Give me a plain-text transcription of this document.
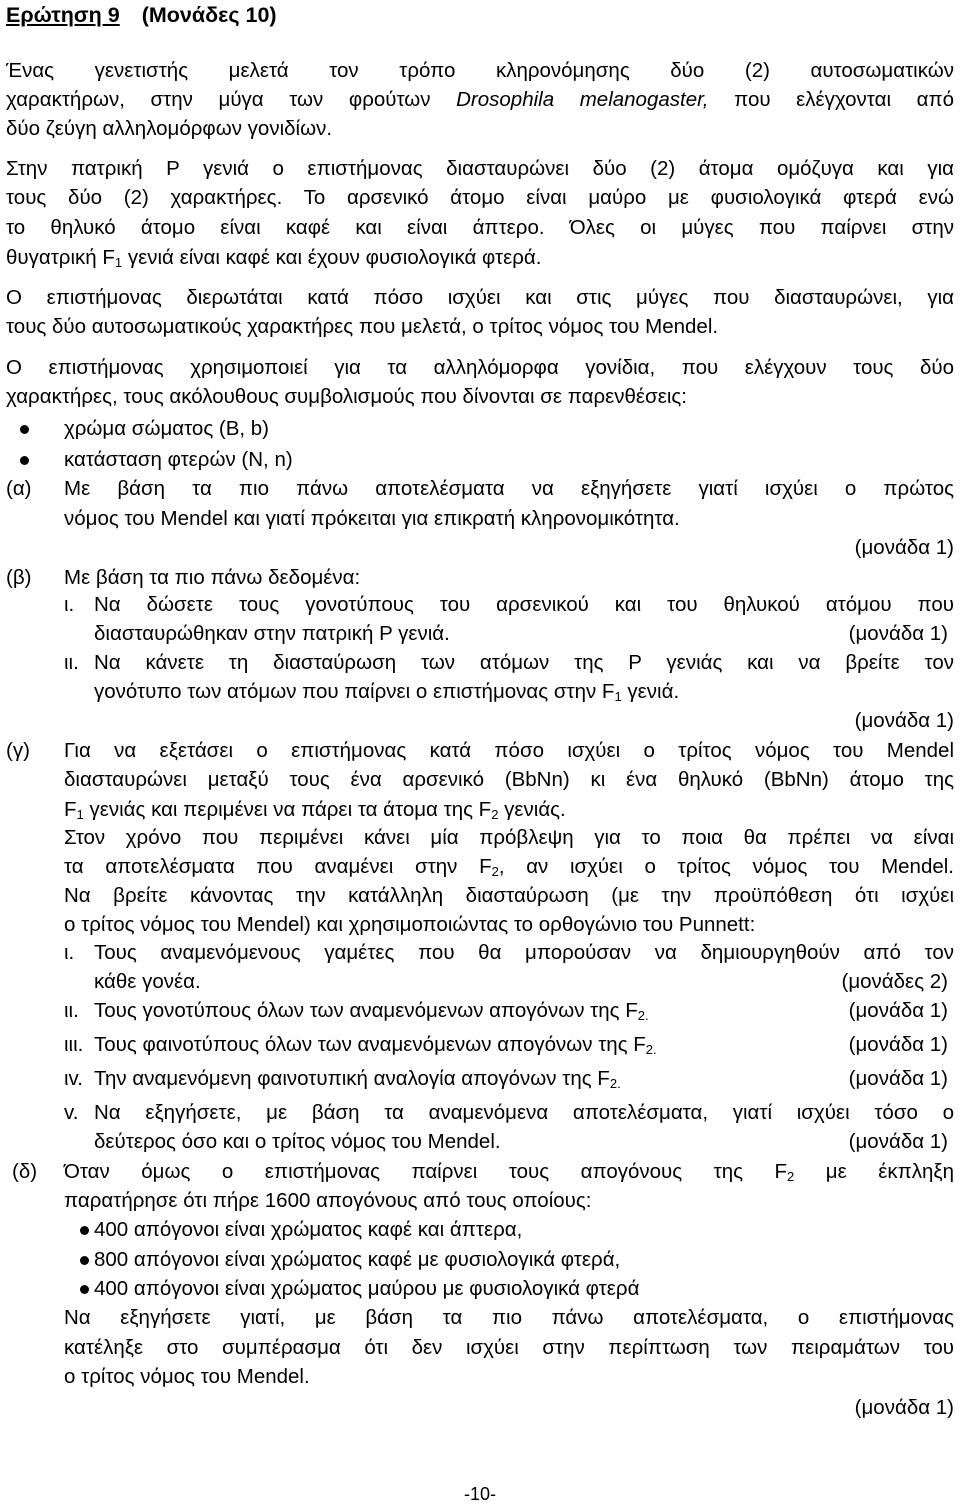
Ερώτηση 9 (Μονάδες 10)
Ένας γενετιστής μελετά τον τρόπο κληρονόμησης δύο (2) αυτοσωματικών
χαρακτήρων, στην μύγα των φρούτων Drosophila melanogaster, που ελέγχονται από
δύο ζεύγη αλληλομόρφων γονιδίων.
Στην πατρική P γενιά ο επιστήμονας διασταυρώνει δύο (2) άτομα ομόζυγα και για
τους δύο (2) χαρακτήρες. Το αρσενικό άτομο είναι μαύρο με φυσιολογικά φτερά ενώ
το θηλυκό άτομο είναι καφέ και είναι άπτερο. Όλες οι μύγες που παίρνει στην
θυγατρική $F_1$ γενιά είναι καφέ και έχουν φυσιολογικά φτερά.
Ο επιστήμονας διερωτάται κατά πόσο ισχύει και στις μύγες που διασταυρώνει, για
τους δύο αυτοσωματικούς χαρακτήρες που μελετά, ο τρίτος νόμος του Mendel.
Ο επιστήμονας χρησιμοποιεί για τα αλληλόμορφα γονίδια, που ελέγχουν τους δύο
χαρακτήρες, τους ακόλουθους συμβολισμούς που δίνονται σε παρενθέσεις:
χρώμα σώματος (B, b)
κατάσταση φτερών (N, n)
(α) Με βάση τα πιο πάνω αποτελέσματα να εξηγήσετε γιατί ισχύει ο πρώτος
νόμος του Mendel και γιατί πρόκειται για επικρατή κληρονομικότητα.
(μονάδα 1)
(β) Με βάση τα πιο πάνω δεδομένα:
ι. Να δώσετε τους γονοτύπους του αρσενικού και του θηλυκού ατόμου που
διασταυρώθηκαν στην πατρική P γενιά.	(μονάδα 1)
ιι. Να κάνετε τη διασταύρωση των ατόμων της P γενιάς και να βρείτε τον
γονότυπο των ατόμων που παίρνει ο επιστήμονας στην $F_1$ γενιά.
(μονάδα 1)
(γ) Για να εξετάσει ο επιστήμονας κατά πόσο ισχύει ο τρίτος νόμος του Mendel
διασταυρώνει μεταξύ τους ένα αρσενικό (BbNn) κι ένα θηλυκό (BbNn) άτομο της
$F_1$ γενιάς και περιμένει να πάρει τα άτομα της $F_2$ γενιάς.
Στον χρόνο που περιμένει κάνει μία πρόβλεψη για το ποια θα πρέπει να είναι
τα αποτελέσματα που αναμένει στην $F_2$, αν ισχύει ο τρίτος νόμος του Mendel.
Να βρείτε κάνοντας την κατάλληλη διασταύρωση (με την προϋπόθεση ότι ισχύει
ο τρίτος νόμος του Mendel) και χρησιμοποιώντας το ορθογώνιο του Punnett:
ι. Τους αναμενόμενους γαμέτες που θα μπορούσαν να δημιουργηθούν από τον
κάθε γονέα.	(μονάδες 2)
ιι. Τους γονοτύπους όλων των αναμενόμενων απογόνων της $F_{2.}$	(μονάδα 1)
ιιι. Τους φαινοτύπους όλων των αναμενόμενων απογόνων της $F_{2.}$	(μονάδα 1)
ιv. Την αναμενόμενη φαινοτυπική αναλογία απογόνων της $F_{2.}$	(μονάδα 1)
v. Να εξηγήσετε, με βάση τα αναμενόμενα αποτελέσματα, γιατί ισχύει τόσο ο
δεύτερος όσο και ο τρίτος νόμος του Mendel.	(μονάδα 1)
(δ) Όταν όμως ο επιστήμονας παίρνει τους απογόνους της $F_2$ με έκπληξη
παρατήρησε ότι πήρε 1600 απογόνους από τους οποίους:
400 απόγονοι είναι χρώματος καφέ και άπτερα,
800 απόγονοι είναι χρώματος καφέ με φυσιολογικά φτερά,
400 απόγονοι είναι χρώματος μαύρου με φυσιολογικά φτερά
Να εξηγήσετε γιατί, με βάση τα πιο πάνω αποτελέσματα, ο επιστήμονας
κατέληξε στο συμπέρασμα ότι δεν ισχύει στην περίπτωση των πειραμάτων του
ο τρίτος νόμος του Mendel.
(μονάδα 1)
-10-
